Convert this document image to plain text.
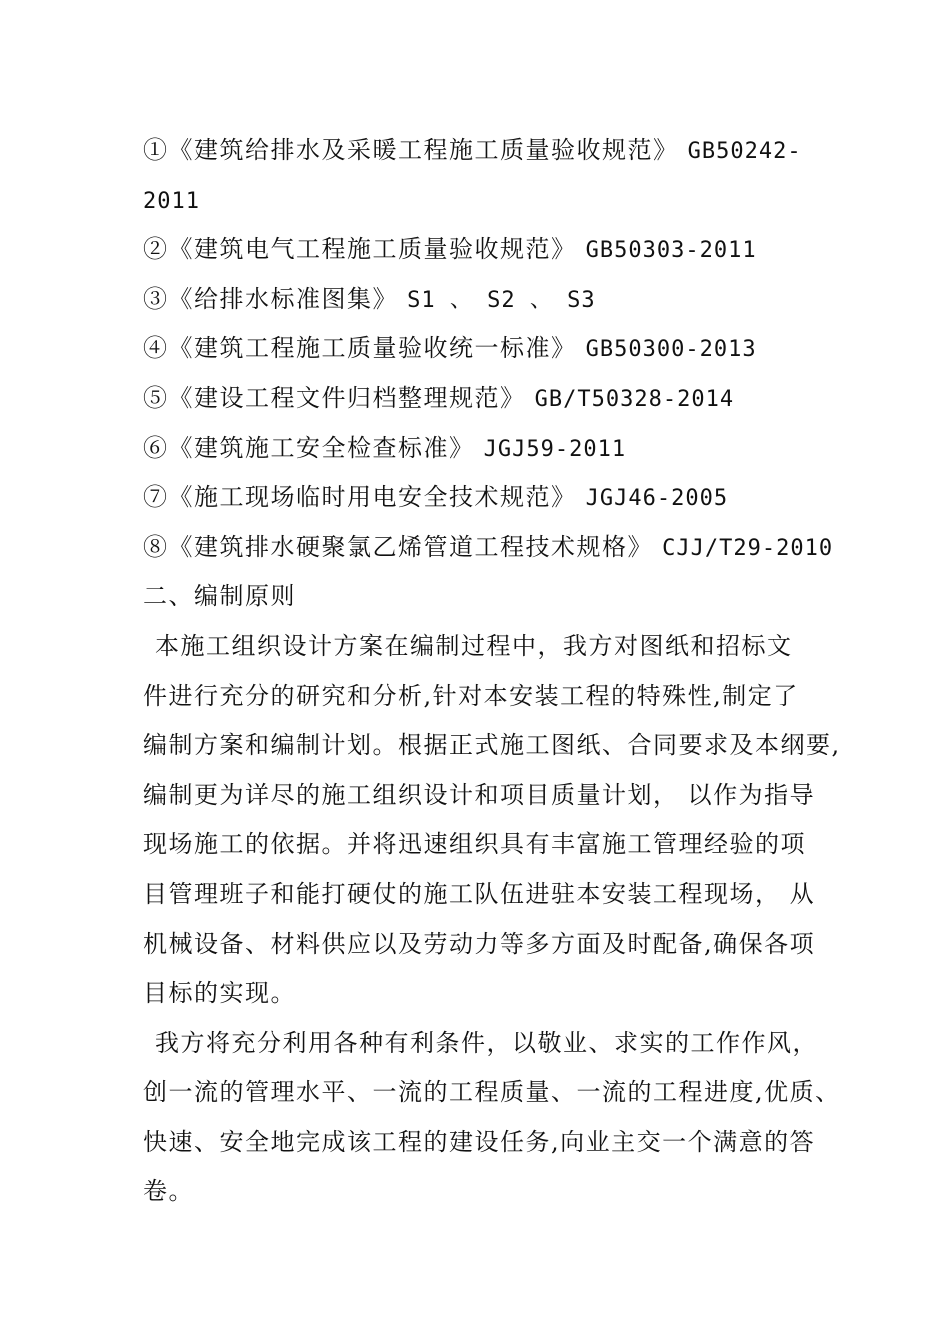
①《建筑给排水及采暖工程施工质量验收规范》 GB50242-
2011
②《建筑电气工程施工质量验收规范》 GB50303-2011
③《给排水标准图集》 S1 、 S2 、 S3
④《建筑工程施工质量验收统一标准》 GB50300-2013
⑤《建设工程文件归档整理规范》 GB/T50328-2014
⑥《建筑施工安全检查标准》 JGJ59-2011
⑦《施工现场临时用电安全技术规范》 JGJ46-2005
⑧《建筑排水硬聚氯乙烯管道工程技术规格》 CJJ/T29-2010
二、编制原则
本施工组织设计方案在编制过程中，我方对图纸和招标文
件进行充分的研究和分析,针对本安装工程的特殊性,制定了
编制方案和编制计划。根据正式施工图纸、合同要求及本纲要,
编制更为详尽的施工组织设计和项目质量计划， 以作为指导
现场施工的依据。并将迅速组织具有丰富施工管理经验的项
目管理班子和能打硬仗的施工队伍进驻本安装工程现场， 从
机械设备、材料供应以及劳动力等多方面及时配备,确保各项
目标的实现。
我方将充分利用各种有利条件，以敬业、求实的工作作风，
创一流的管理水平、一流的工程质量、一流的工程进度,优质、
快速、安全地完成该工程的建设任务,向业主交一个满意的答
卷。
